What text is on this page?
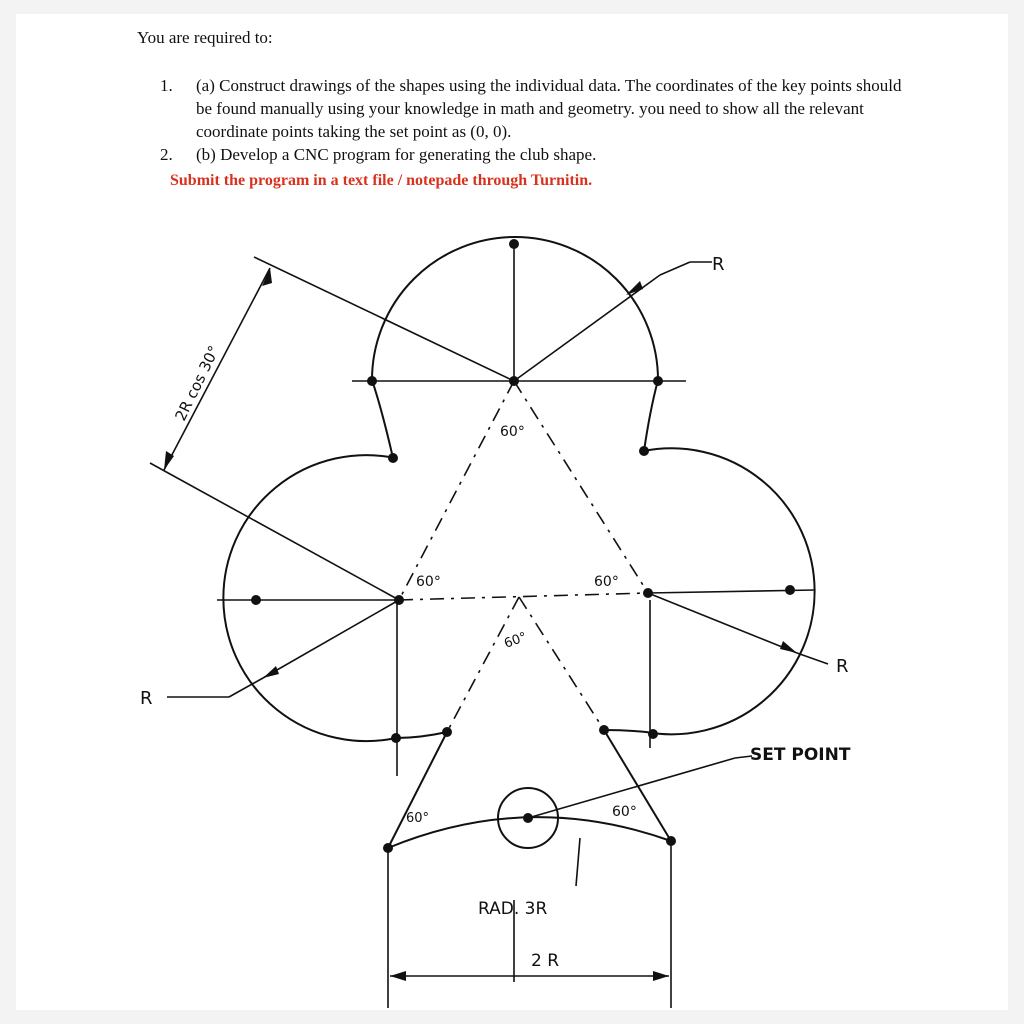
You are required to:
1.	(a) Construct drawings of the shapes using the individual data. The coordinates of the key points should be found manually using your knowledge in math and geometry. you need to show all the relevant coordinate points taking the set point as (0, 0).
2.	(b) Develop a CNC program for generating the club shape.
Submit the program in a text file / notepade through Turnitin.
2R cos 30°
R
R
R
SET POINT
RAD. 3R
2 R
60°
60°	60°
60°
60°	60°
